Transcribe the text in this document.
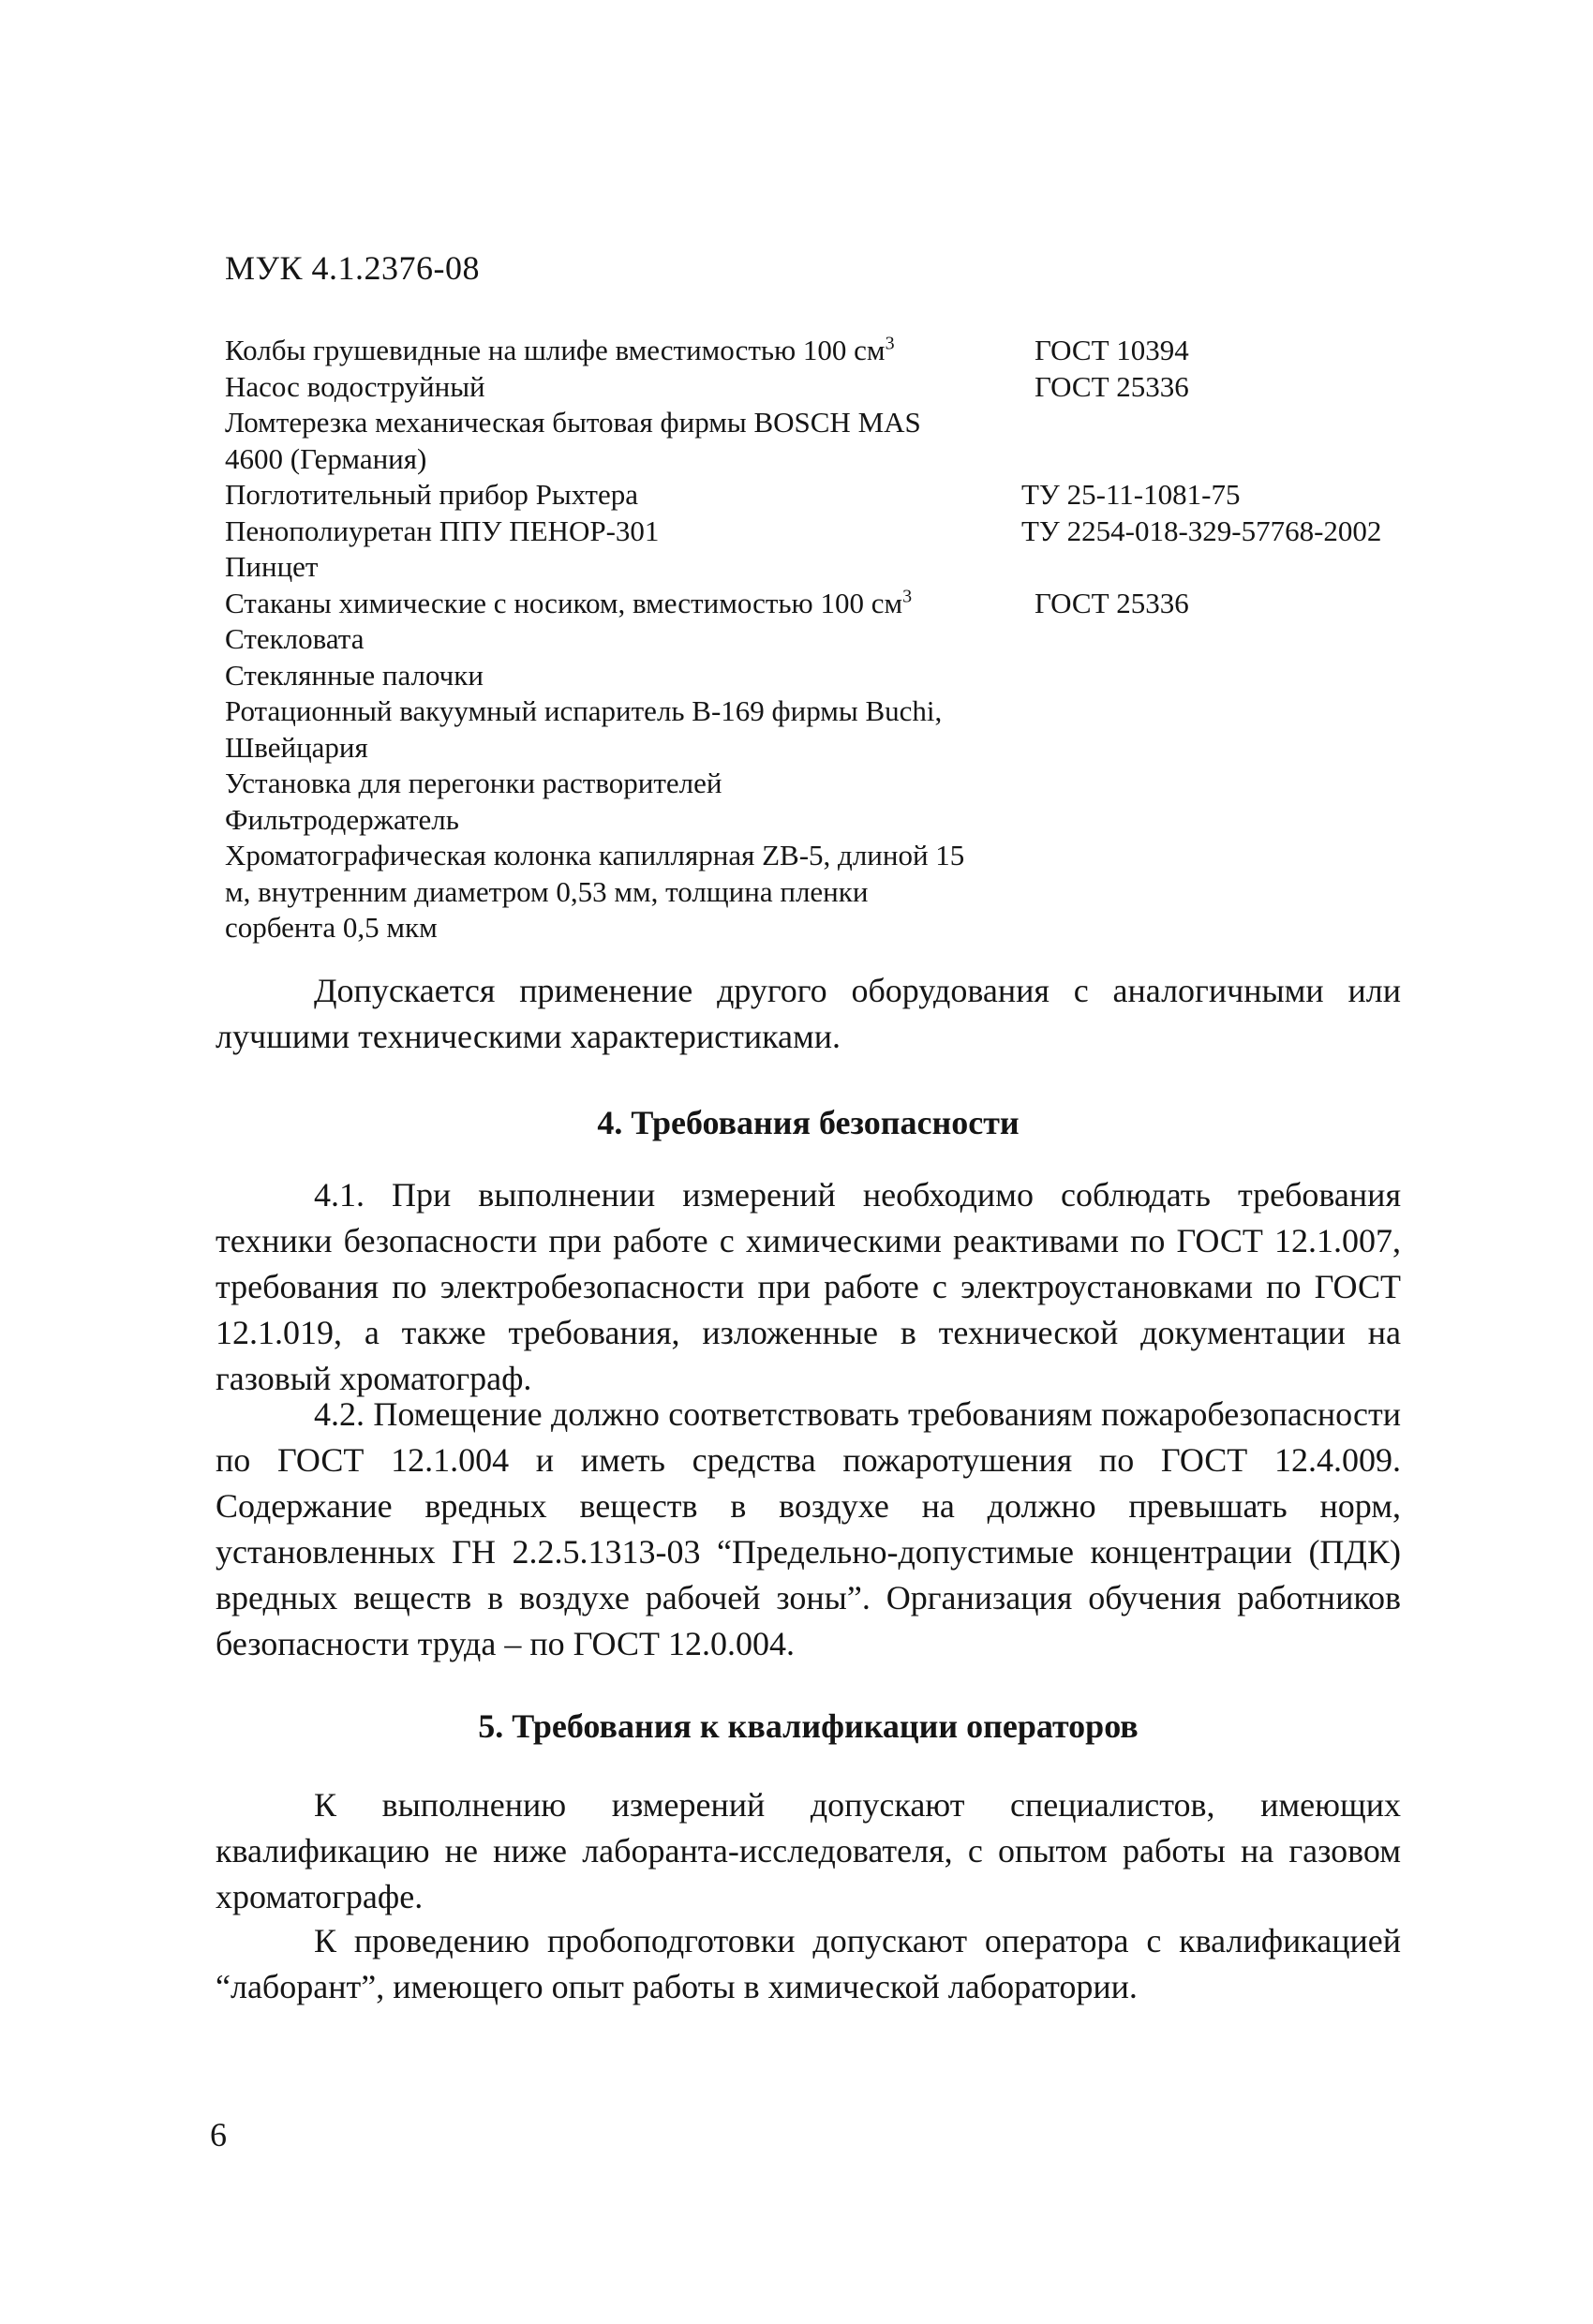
МУК 4.1.2376-08
Колбы грушевидные на шлифе вместимостью 100 $см^3$	ГОСТ 10394
Насос водоструйный	ГОСТ 25336
Ломтерезка механическая бытовая фирмы BOSCH MAS 4600 (Германия)
Поглотительный прибор Рыхтера	ТУ 25-11-1081-75
Пенополиуретан ППУ ПЕНОР-301	ТУ 2254-018-329-57768-2002
Пинцет
Стаканы химические с носиком, вместимостью 100 $см^3$	ГОСТ 25336
Стекловата
Стеклянные палочки
Ротационный вакуумный испаритель В-169 фирмы Buchi, Швейцария
Установка для перегонки растворителей
Фильтродержатель
Хроматографическая колонка капиллярная ZB-5, длиной 15 м, внутренним диаметром 0,53 мм, толщина пленки сорбента 0,5 мкм
Допускается применение другого оборудования с аналогичными или лучшими техническими характеристиками.
4. Требования безопасности
4.1. При выполнении измерений необходимо соблюдать требования техники безопасности при работе с химическими реактивами по ГОСТ 12.1.007, требования по электробезопасности при работе с электроустановками по ГОСТ 12.1.019, а также требования, изложенные в технической документации на газовый хроматограф.
4.2. Помещение должно соответствовать требованиям пожаробезопасности по ГОСТ 12.1.004 и иметь средства пожаротушения по ГОСТ 12.4.009. Содержание вредных веществ в воздухе на должно превышать норм, установленных ГН 2.2.5.1313-03 “Предельно-допустимые концентрации (ПДК) вредных веществ в воздухе рабочей зоны”. Организация обучения работников безопасности труда – по ГОСТ 12.0.004.
5. Требования к квалификации операторов
К выполнению измерений допускают специалистов, имеющих квалификацию не ниже лаборанта-исследователя, с опытом работы на газовом хроматографе.
К проведению пробоподготовки допускают оператора с квалификацией “лаборант”, имеющего опыт работы в химической лаборатории.
6
